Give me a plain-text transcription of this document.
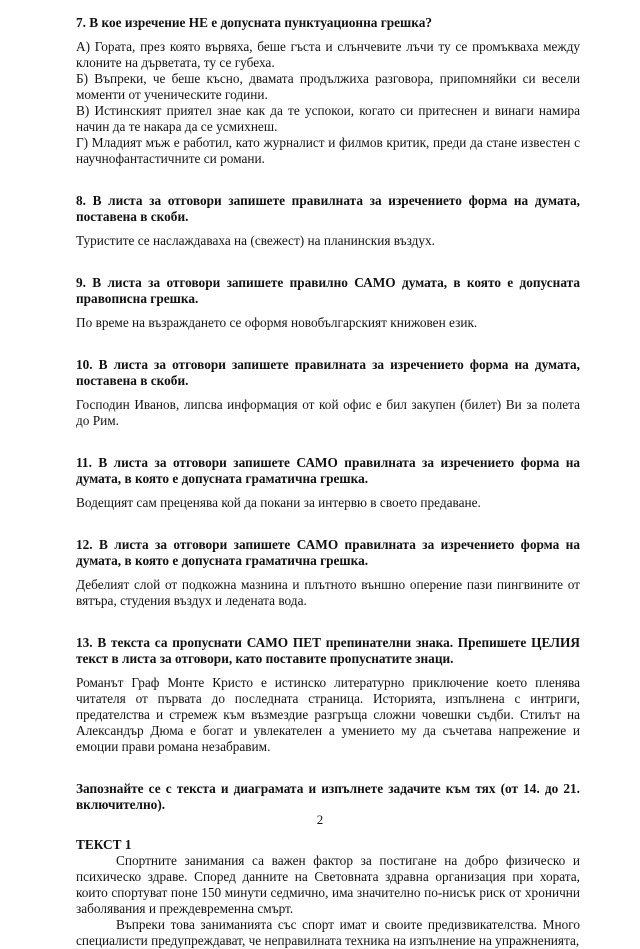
7. В кое изречение НЕ е допусната пунктуационна грешка?

А) Гората, през която вървяха, беше гъста и слънчевите лъчи ту се промъкваха между клоните на дърветата, ту се губеха.

Б) Въпреки, че беше късно, двамата продължиха разговора, припомняйки си весели моменти от ученическите години.

В) Истинският приятел знае как да те успокои, когато си притеснен и винаги намира начин да те накара да се усмихнеш.

Г) Младият мъж е работил, като журналист и филмов критик, преди да стане известен с научнофантастичните си романи.

8. В листа за отговори запишете правилната за изречението форма на думата, поставена в скоби.

Туристите се наслаждаваха на (свежест) на планинския въздух.

9. В листа за отговори запишете правилно САМО думата, в която е допусната правописна грешка.

По време на възраждането се оформя новобългарският книжовен език.

10. В листа за отговори запишете правилната за изречението форма на думата, поставена в скоби.

Господин Иванов, липсва информация от кой офис е бил закупен (билет) Ви за полета до Рим.

11. В листа за отговори запишете САМО правилната за изречението форма на думата, в която е допусната граматична грешка.

Водещият сам преценява кой да покани за интервю в своето предаване.

12. В листа за отговори запишете САМО правилната за изречението форма на думата, в която е допусната граматична грешка.

Дебелият слой от подкожна мазнина и плътното външно оперение пази пингвините от вятъра, студения въздух и ледената вода.

13. В текста са пропуснати САМО ПЕТ препинателни знака. Препишете ЦЕЛИЯ текст в листа за отговори, като поставите пропуснатите знаци.

Романът Граф Монте Кристо е истинско литературно приключение което пленява читателя от първата до последната страница. Историята, изпълнена с интриги, предателства и стремеж към възмездие разгръща сложни човешки съдби. Стилът на Александър Дюма е богат и увлекателен а умението му да съчетава напрежение и емоции прави романа незабравим.

Запознайте се с текста и диаграмата и изпълнете задачите към тях (от 14. до 21. включително).

ТЕКСТ 1

Спортните занимания са важен фактор за постигане на добро физическо и психическо здраве. Според данните на Световната здравна организация при хората, които спортуват поне 150 минути седмично, има значително по-нисък риск от хронични заболявания и преждевременна смърт.

Въпреки това заниманията със спорт имат и своите предизвикателства. Много специалисти предупреждават, че неправилната техника на изпълнение на упражненията,

2
